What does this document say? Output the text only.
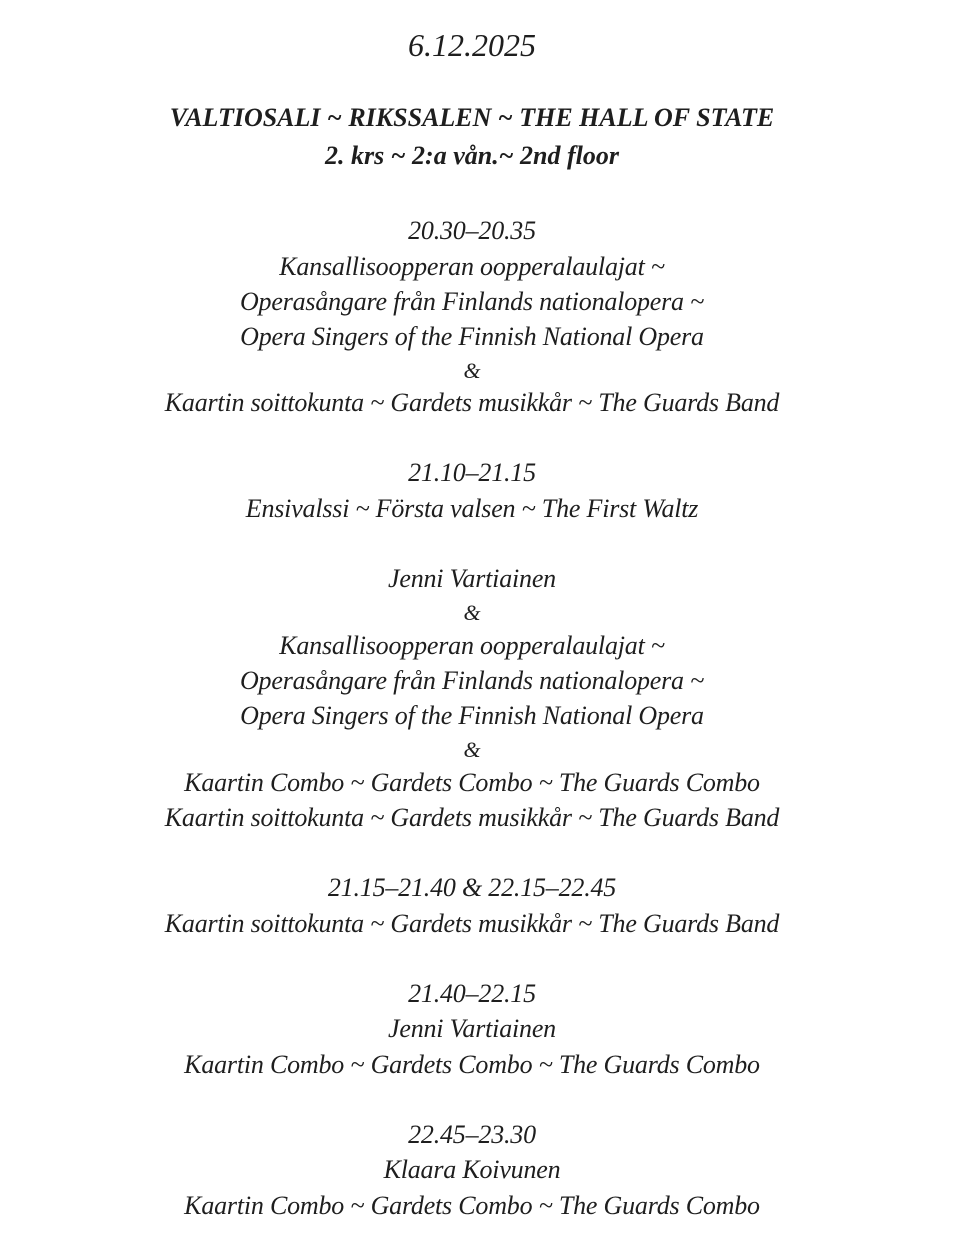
6.12.2025
VALTIOSALI ~ RIKSSALEN ~ THE HALL OF STATE
2. krs ~ 2:a vån.~ 2nd floor
20.30–20.35
Kansallisoopperan oopperalaulajat ~
Operasångare från Finlands nationalopera ~
Opera Singers of the Finnish National Opera
&
Kaartin soittokunta ~ Gardets musikkår ~ The Guards Band
21.10–21.15
Ensivalssi ~ Första valsen ~ The First Waltz
Jenni Vartiainen
&
Kansallisoopperan oopperalaulajat ~
Operasångare från Finlands nationalopera ~
Opera Singers of the Finnish National Opera
&
Kaartin Combo ~ Gardets Combo ~ The Guards Combo
Kaartin soittokunta ~ Gardets musikkår ~ The Guards Band
21.15–21.40 & 22.15–22.45
Kaartin soittokunta ~ Gardets musikkår ~ The Guards Band
21.40–22.15
Jenni Vartiainen
Kaartin Combo ~ Gardets Combo ~ The Guards Combo
22.45–23.30
Klaara Koivunen
Kaartin Combo ~ Gardets Combo ~ The Guards Combo
